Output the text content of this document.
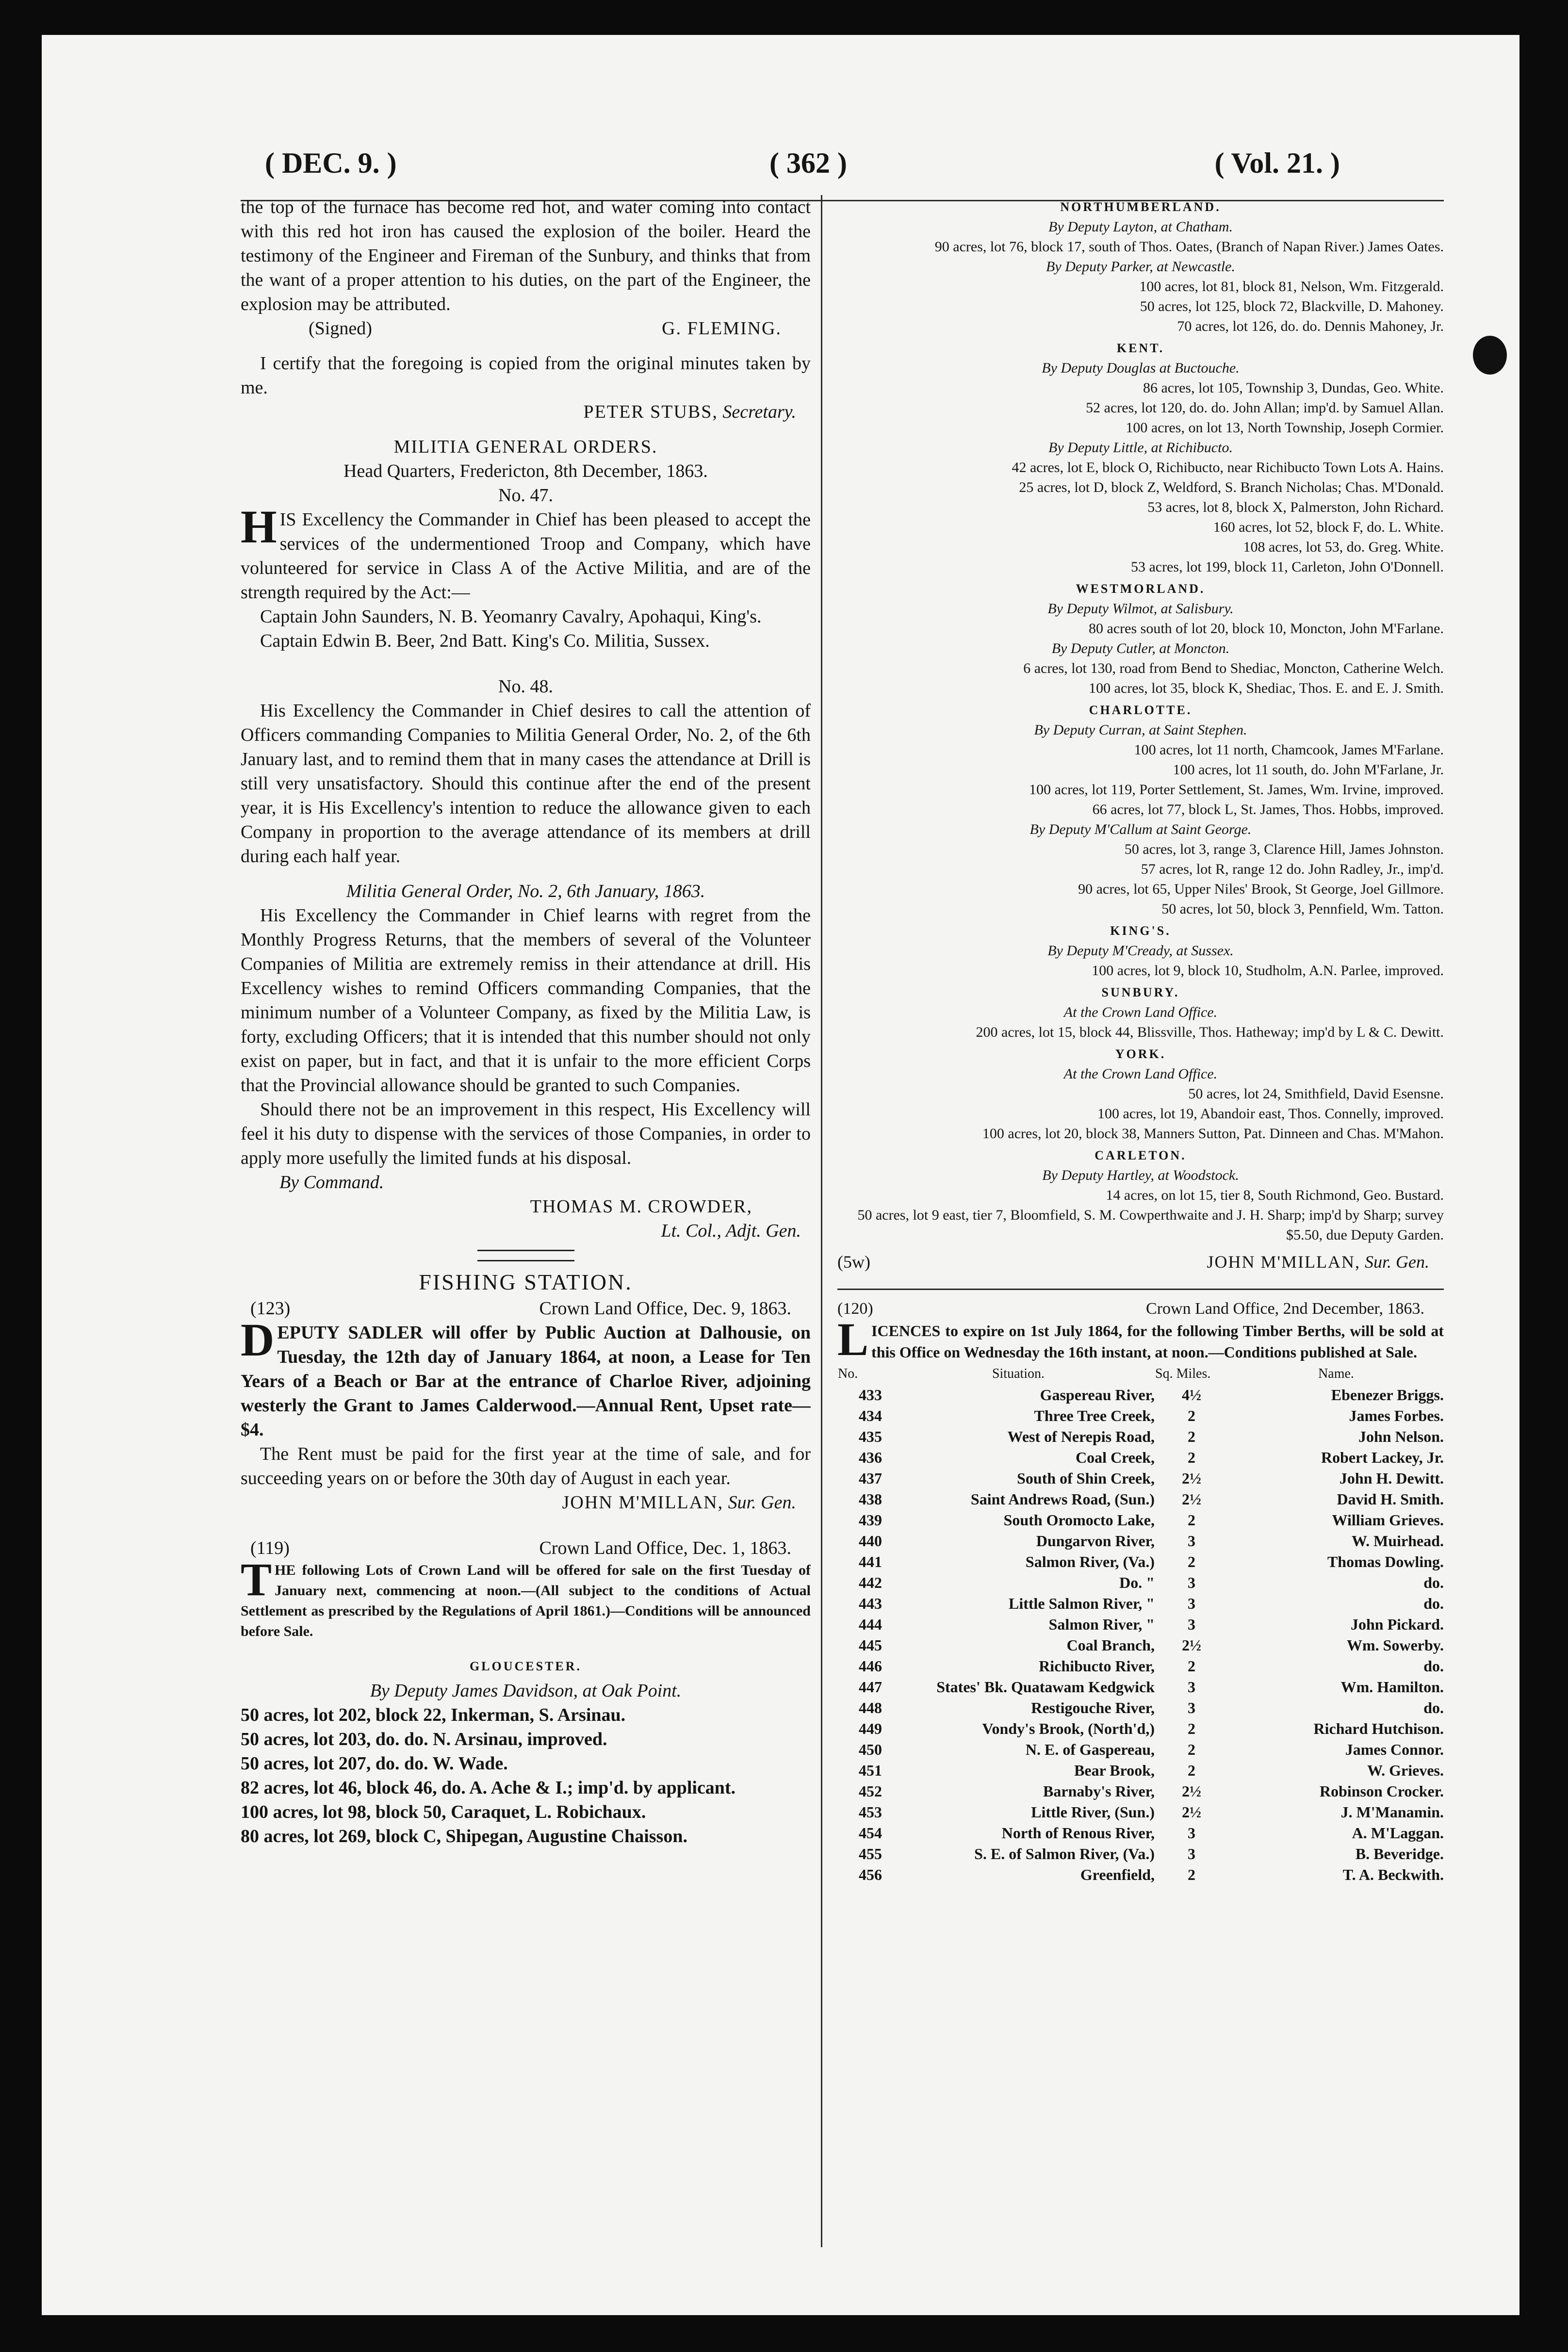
( DEC. 9. )	( 362 )	( Vol. 21. )

the top of the furnace has become red hot, and water coming into contact with this red hot iron has caused the explosion of the boiler. Heard the testimony of the Engineer and Fireman of the Sunbury, and thinks that from the want of a proper attention to his duties, on the part of the Engineer, the explosion may be attributed.

(Signed)	G. FLEMING.

I certify that the foregoing is copied from the original minutes taken by me.

PETER STUBS, Secretary.

MILITIA GENERAL ORDERS.

Head Quarters, Fredericton, 8th December, 1863.

No. 47.

HIS Excellency the Commander in Chief has been pleased to accept the services of the undermentioned Troop and Company, which have volunteered for service in Class A of the Active Militia, and are of the strength required by the Act:—

Captain John Saunders, N. B. Yeomanry Cavalry, Apohaqui, King's.

Captain Edwin B. Beer, 2nd Batt. King's Co. Militia, Sussex.

No. 48.

His Excellency the Commander in Chief desires to call the attention of Officers commanding Companies to Militia General Order, No. 2, of the 6th January last, and to remind them that in many cases the attendance at Drill is still very unsatisfactory. Should this continue after the end of the present year, it is His Excellency's intention to reduce the allowance given to each Company in proportion to the average attendance of its members at drill during each half year.

Militia General Order, No. 2, 6th January, 1863.

His Excellency the Commander in Chief learns with regret from the Monthly Progress Returns, that the members of several of the Volunteer Companies of Militia are extremely remiss in their attendance at drill. His Excellency wishes to remind Officers commanding Companies, that the minimum number of a Volunteer Company, as fixed by the Militia Law, is forty, excluding Officers; that it is intended that this number should not only exist on paper, but in fact, and that it is unfair to the more efficient Corps that the Provincial allowance should be granted to such Companies.

Should there not be an improvement in this respect, His Excellency will feel it his duty to dispense with the services of those Companies, in order to apply more usefully the limited funds at his disposal.

By Command.

THOMAS M. CROWDER,

Lt. Col., Adjt. Gen.

FISHING STATION.

(123)	Crown Land Office, Dec. 9, 1863.

DEPUTY SADLER will offer by Public Auction at Dalhousie, on Tuesday, the 12th day of January 1864, at noon, a Lease for Ten Years of a Beach or Bar at the entrance of Charloe River, adjoining westerly the Grant to James Calderwood.—Annual Rent, Upset rate—$4.

The Rent must be paid for the first year at the time of sale, and for succeeding years on or before the 30th day of August in each year.

JOHN M'MILLAN, Sur. Gen.

(119)	Crown Land Office, Dec. 1, 1863.

THE following Lots of Crown Land will be offered for sale on the first Tuesday of January next, commencing at noon.—(All subject to the conditions of Actual Settlement as prescribed by the Regulations of April 1861.)—Conditions will be announced before Sale.

GLOUCESTER.

By Deputy James Davidson, at Oak Point.

50 acres, lot 202, block 22, Inkerman, S. Arsinau.

50 acres, lot 203, do. do. N. Arsinau, improved.

50 acres, lot 207, do. do. W. Wade.

82 acres, lot 46, block 46, do. A. Ache & I.; imp'd. by applicant.

100 acres, lot 98, block 50, Caraquet, L. Robichaux.

80 acres, lot 269, block C, Shipegan, Augustine Chaisson.

NORTHUMBERLAND.

By Deputy Layton, at Chatham.

90 acres, lot 76, block 17, south of Thos. Oates, (Branch of Napan River.) James Oates.

By Deputy Parker, at Newcastle.

100 acres, lot 81, block 81, Nelson, Wm. Fitzgerald.

50 acres, lot 125, block 72, Blackville, D. Mahoney.

70 acres, lot 126, do. do. Dennis Mahoney, Jr.

KENT.

By Deputy Douglas at Buctouche.

86 acres, lot 105, Township 3, Dundas, Geo. White.

52 acres, lot 120, do. do. John Allan; imp'd. by Samuel Allan.

100 acres, on lot 13, North Township, Joseph Cormier.

By Deputy Little, at Richibucto.

42 acres, lot E, block O, Richibucto, near Richibucto Town Lots A. Hains.

25 acres, lot D, block Z, Weldford, S. Branch Nicholas; Chas. M'Donald.

53 acres, lot 8, block X, Palmerston, John Richard.

160 acres, lot 52, block F, do. L. White.

108 acres, lot 53, do. Greg. White.

53 acres, lot 199, block 11, Carleton, John O'Donnell.

WESTMORLAND.

By Deputy Wilmot, at Salisbury.

80 acres south of lot 20, block 10, Moncton, John M'Farlane.

By Deputy Cutler, at Moncton.

6 acres, lot 130, road from Bend to Shediac, Moncton, Catherine Welch.

100 acres, lot 35, block K, Shediac, Thos. E. and E. J. Smith.

CHARLOTTE.

By Deputy Curran, at Saint Stephen.

100 acres, lot 11 north, Chamcook, James M'Farlane.

100 acres, lot 11 south, do. John M'Farlane, Jr.

100 acres, lot 119, Porter Settlement, St. James, Wm. Irvine, improved.

66 acres, lot 77, block L, St. James, Thos. Hobbs, improved.

By Deputy M'Callum at Saint George.

50 acres, lot 3, range 3, Clarence Hill, James Johnston.

57 acres, lot R, range 12 do. John Radley, Jr., imp'd.

90 acres, lot 65, Upper Niles' Brook, St George, Joel Gillmore.

50 acres, lot 50, block 3, Pennfield, Wm. Tatton.

KING'S.

By Deputy M'Cready, at Sussex.

100 acres, lot 9, block 10, Studholm, A.N. Parlee, improved.

SUNBURY.

At the Crown Land Office.

200 acres, lot 15, block 44, Blissville, Thos. Hatheway; imp'd by L & C. Dewitt.

YORK.

At the Crown Land Office.

50 acres, lot 24, Smithfield, David Esensne.

100 acres, lot 19, Abandoir east, Thos. Connelly, improved.

100 acres, lot 20, block 38, Manners Sutton, Pat. Dinneen and Chas. M'Mahon.

CARLETON.

By Deputy Hartley, at Woodstock.

14 acres, on lot 15, tier 8, South Richmond, Geo. Bustard.

50 acres, lot 9 east, tier 7, Bloomfield, S. M. Cowperthwaite and J. H. Sharp; imp'd by Sharp; survey $5.50, due Deputy Garden.

(5w)	JOHN M'MILLAN, Sur. Gen.
(120)	Crown Land Office, 2nd December, 1863.

LICENCES to expire on 1st July 1864, for the following Timber Berths, will be sold at this Office on Wednesday the 16th instant, at noon.—Conditions published at Sale.

No.	Situation.	Sq. Miles.	Name.
433	Gaspereau River,	4½	Ebenezer Briggs.
434	Three Tree Creek,	2	James Forbes.
435	West of Nerepis Road,	2	John Nelson.
436	Coal Creek,	2	Robert Lackey, Jr.
437	South of Shin Creek,	2½	John H. Dewitt.
438	Saint Andrews Road, (Sun.)	2½	David H. Smith.
439	South Oromocto Lake,	2	William Grieves.
440	Dungarvon River,	3	W. Muirhead.
441	Salmon River, (Va.)	2	Thomas Dowling.
442	Do. "	3	do.
443	Little Salmon River, "	3	do.
444	Salmon River, "	3	John Pickard.
445	Coal Branch,	2½	Wm. Sowerby.
446	Richibucto River,	2	do.
447	States' Bk. Quatawam Kedgwick	3	Wm. Hamilton.
448	Restigouche River,	3	do.
449	Vondy's Brook, (North'd,)	2	Richard Hutchison.
450	N. E. of Gaspereau,	2	James Connor.
451	Bear Brook,	2	W. Grieves.
452	Barnaby's River,	2½	Robinson Crocker.
453	Little River, (Sun.)	2½	J. M'Manamin.
454	North of Renous River,	3	A. M'Laggan.
455	S. E. of Salmon River, (Va.)	3	B. Beveridge.
456	Greenfield,	2	T. A. Beckwith.
